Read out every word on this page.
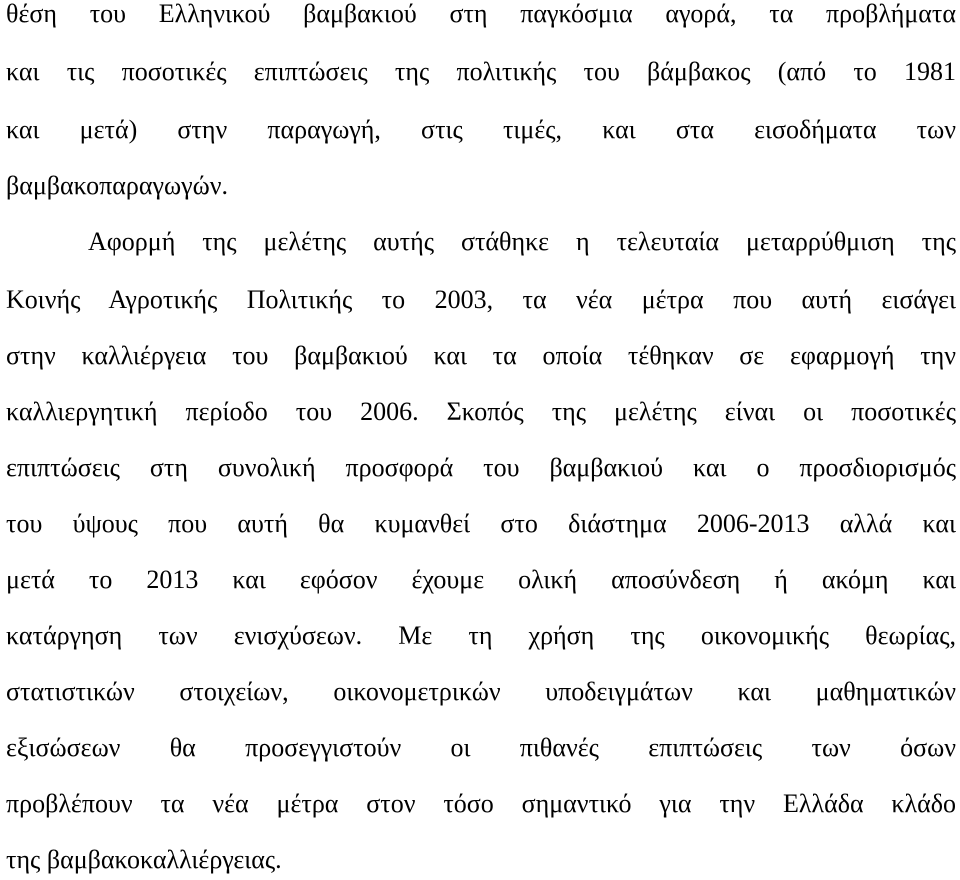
θέση του Ελληνικού βαμβακιού στη παγκόσμια αγορά, τα προβλήματα
και τις ποσοτικές επιπτώσεις της πολιτικής του βάμβακος (από το 1981
και μετά) στην παραγωγή, στις τιμές, και στα εισοδήματα των
βαμβακοπαραγωγών.
Αφορμή της μελέτης αυτής στάθηκε η τελευταία μεταρρύθμιση της
Κοινής Αγροτικής Πολιτικής το 2003, τα νέα μέτρα που αυτή εισάγει
στην καλλιέργεια του βαμβακιού και τα οποία τέθηκαν σε εφαρμογή την
καλλιεργητική περίοδο του 2006. Σκοπός της μελέτης είναι οι ποσοτικές
επιπτώσεις στη συνολική προσφορά του βαμβακιού και ο προσδιορισμός
του ύψους που αυτή θα κυμανθεί στο διάστημα 2006-2013 αλλά και
μετά το 2013 και εφόσον έχουμε ολική αποσύνδεση ή ακόμη και
κατάργηση των ενισχύσεων. Με τη χρήση της οικονομικής θεωρίας,
στατιστικών στοιχείων, οικονομετρικών υποδειγμάτων και μαθηματικών
εξισώσεων θα προσεγγιστούν οι πιθανές επιπτώσεις των όσων
προβλέπουν τα νέα μέτρα στον τόσο σημαντικό για την Ελλάδα κλάδο
της βαμβακοκαλλιέργειας.
